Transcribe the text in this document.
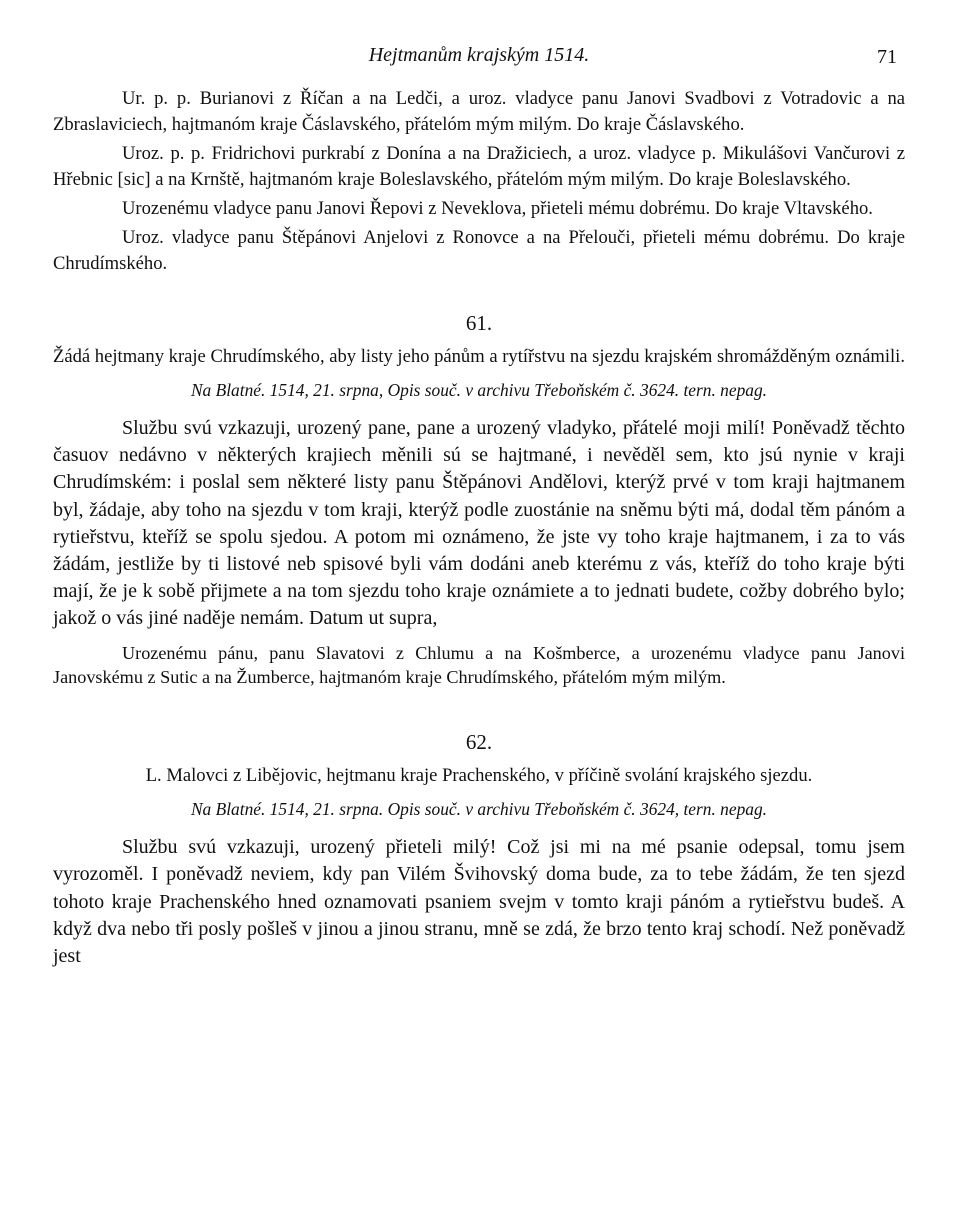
Hejtmanům krajským 1514.	71

Ur. p. p. Burianovi z Říčan a na Ledči, a uroz. vladyce panu Janovi Svadbovi z Votradovic a na Zbraslaviciech, hajtmanóm kraje Čáslavského, přátelóm mým milým. Do kraje Čáslavského.

Uroz. p. p. Fridrichovi purkrabí z Donína a na Dražiciech, a uroz. vladyce p. Mikulášovi Vančurovi z Hřebnic [sic] a na Krnště, hajtmanóm kraje Boleslavského, přátelóm mým milým. Do kraje Boleslavského.

Urozenému vladyce panu Janovi Řepovi z Neveklova, přieteli mému dobrému. Do kraje Vltavského.

Uroz. vladyce panu Štěpánovi Anjelovi z Ronovce a na Přelouči, přieteli mému dobrému. Do kraje Chrudímského.

61.

Žádá hejtmany kraje Chrudímského, aby listy jeho pánům a rytířstvu na sjezdu krajském shromážděným oznámili.

Na Blatné. 1514, 21. srpna, Opis souč. v archivu Třeboňském č. 3624. tern. nepag.

Službu svú vzkazuji, urozený pane, pane a urozený vladyko, přátelé moji milí! Poněvadž těchto časuov nedávno v některých krajiech měnili sú se hajtmané, i nevěděl sem, kto jsú nynie v kraji Chrudímském: i poslal sem některé listy panu Štěpánovi Andělovi, kterýž prvé v tom kraji hajtmanem byl, žádaje, aby toho na sjezdu v tom kraji, kterýž podle zuostánie na sněmu býti má, dodal těm pánóm a rytieřstvu, kteříž se spolu sjedou. A potom mi oznámeno, že jste vy toho kraje hajtmanem, i za to vás žádám, jestliže by ti listové neb spisové byli vám dodáni aneb kterému z vás, kteříž do toho kraje býti mají, že je k sobě přijmete a na tom sjezdu toho kraje oznámiete a to jednati budete, cožby dobrého bylo; jakož o vás jiné naděje nemám. Datum ut supra,

Urozenému pánu, panu Slavatovi z Chlumu a na Košmberce, a urozenému vladyce panu Janovi Janovskému z Sutic a na Žumberce, hajtmanóm kraje Chrudímského, přátelóm mým milým.

62.

L. Malovci z Libějovic, hejtmanu kraje Prachenského, v příčině svolání krajského sjezdu.

Na Blatné. 1514, 21. srpna. Opis souč. v archivu Třeboňském č. 3624, tern. nepag.

Službu svú vzkazuji, urozený přieteli milý! Což jsi mi na mé psanie odepsal, tomu jsem vyrozoměl. I poněvadž neviem, kdy pan Vilém Švihovský doma bude, za to tebe žádám, že ten sjezd tohoto kraje Prachenského hned oznamovati psaniem svejm v tomto kraji pánóm a rytieřstvu budeš. A když dva nebo tři posly pošleš v jinou a jinou stranu, mně se zdá, že brzo tento kraj schodí. Než poněvadž jest
